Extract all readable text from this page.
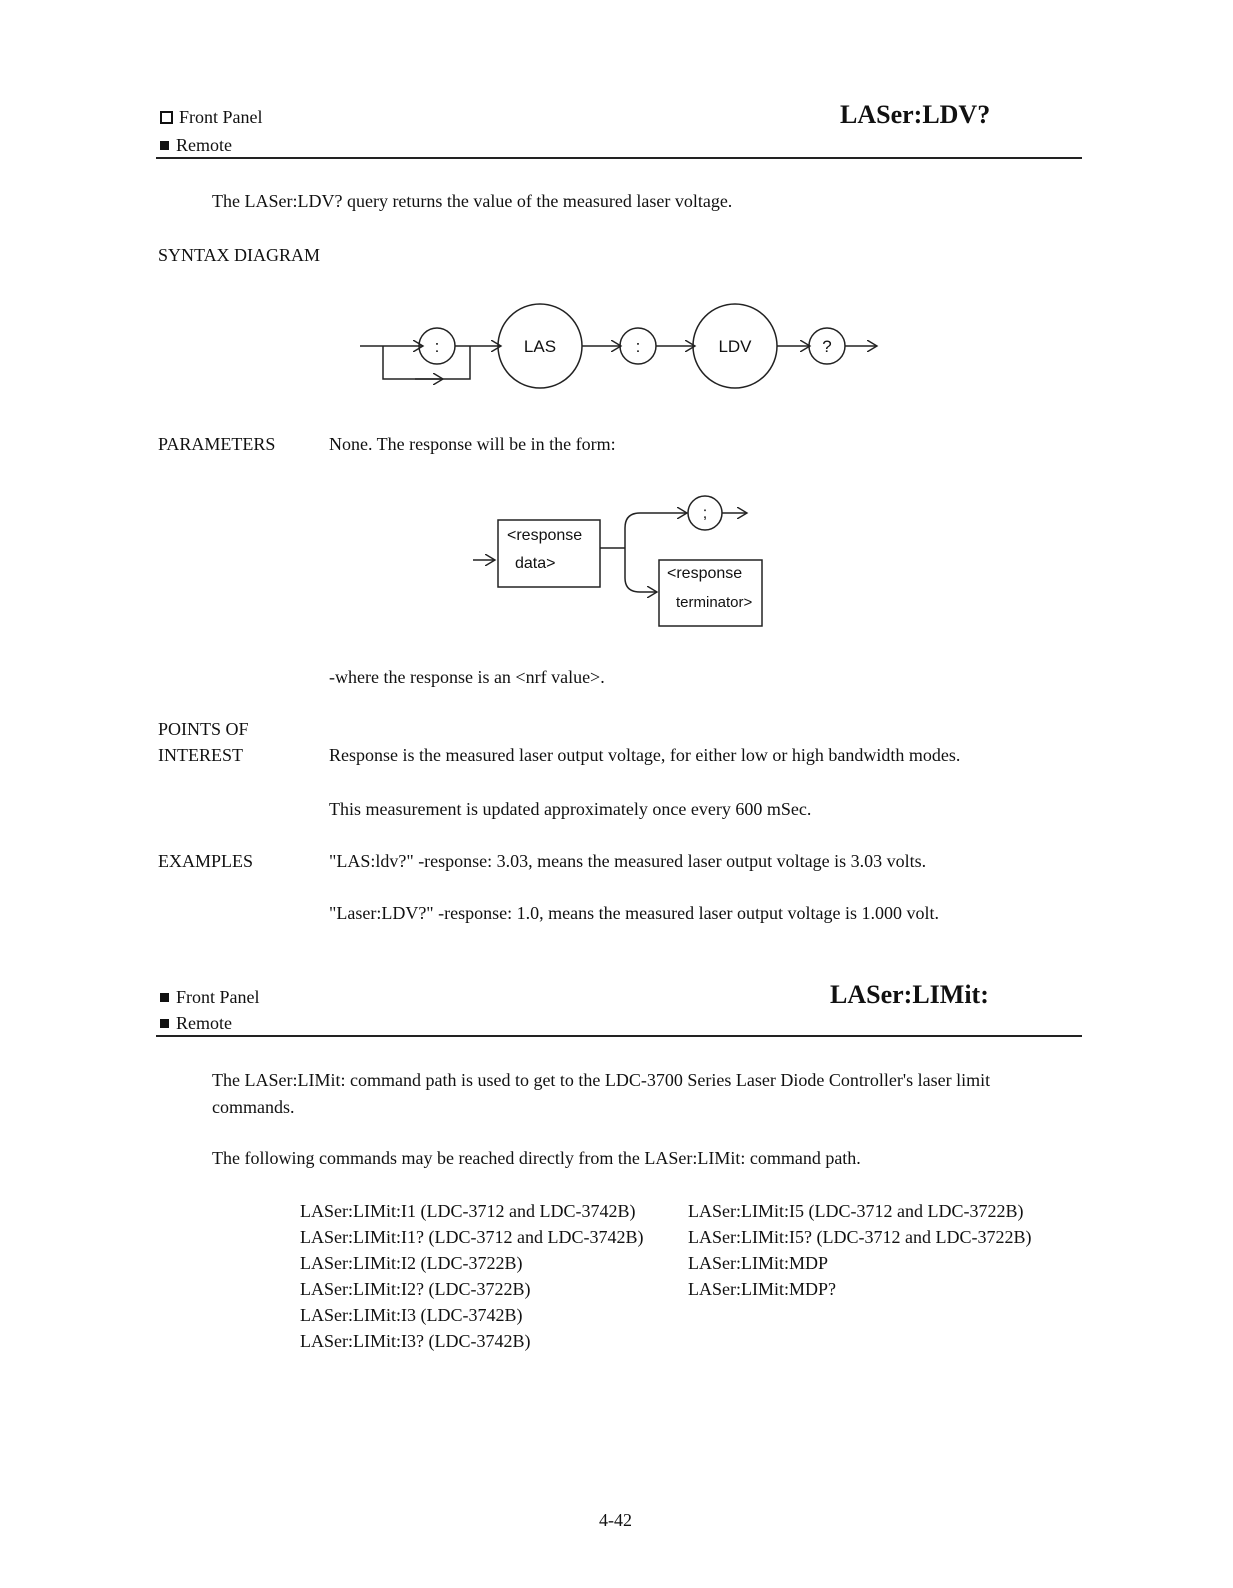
Front Panel
Remote
LASer:LDV?
The LASer:LDV? query returns the value of the measured laser voltage.
SYNTAX DIAGRAM
:	LAS	:	LDV	?
PARAMETERS	None. The response will be in the form:
<response
data>
;
<response
terminator>
-where the response is an <nrf value>.
POINTS OF
INTEREST	Response is the measured laser output voltage, for either low or high bandwidth modes.
This measurement is updated approximately once every 600 mSec.
EXAMPLES	"LAS:ldv?" -response: 3.03, means the measured laser output voltage is 3.03 volts.
"Laser:LDV?" -response: 1.0, means the measured laser output voltage is 1.000 volt.
Front Panel
Remote
LASer:LIMit:
The LASer:LIMit: command path is used to get to the LDC-3700 Series Laser Diode Controller's laser limit
commands.
The following commands may be reached directly from the LASer:LIMit: command path.
LASer:LIMit:I1 (LDC-3712 and LDC-3742B)
LASer:LIMit:I1? (LDC-3712 and LDC-3742B)
LASer:LIMit:I2 (LDC-3722B)
LASer:LIMit:I2? (LDC-3722B)
LASer:LIMit:I3 (LDC-3742B)
LASer:LIMit:I3? (LDC-3742B)
LASer:LIMit:I5 (LDC-3712 and LDC-3722B)
LASer:LIMit:I5? (LDC-3712 and LDC-3722B)
LASer:LIMit:MDP
LASer:LIMit:MDP?
4-42
